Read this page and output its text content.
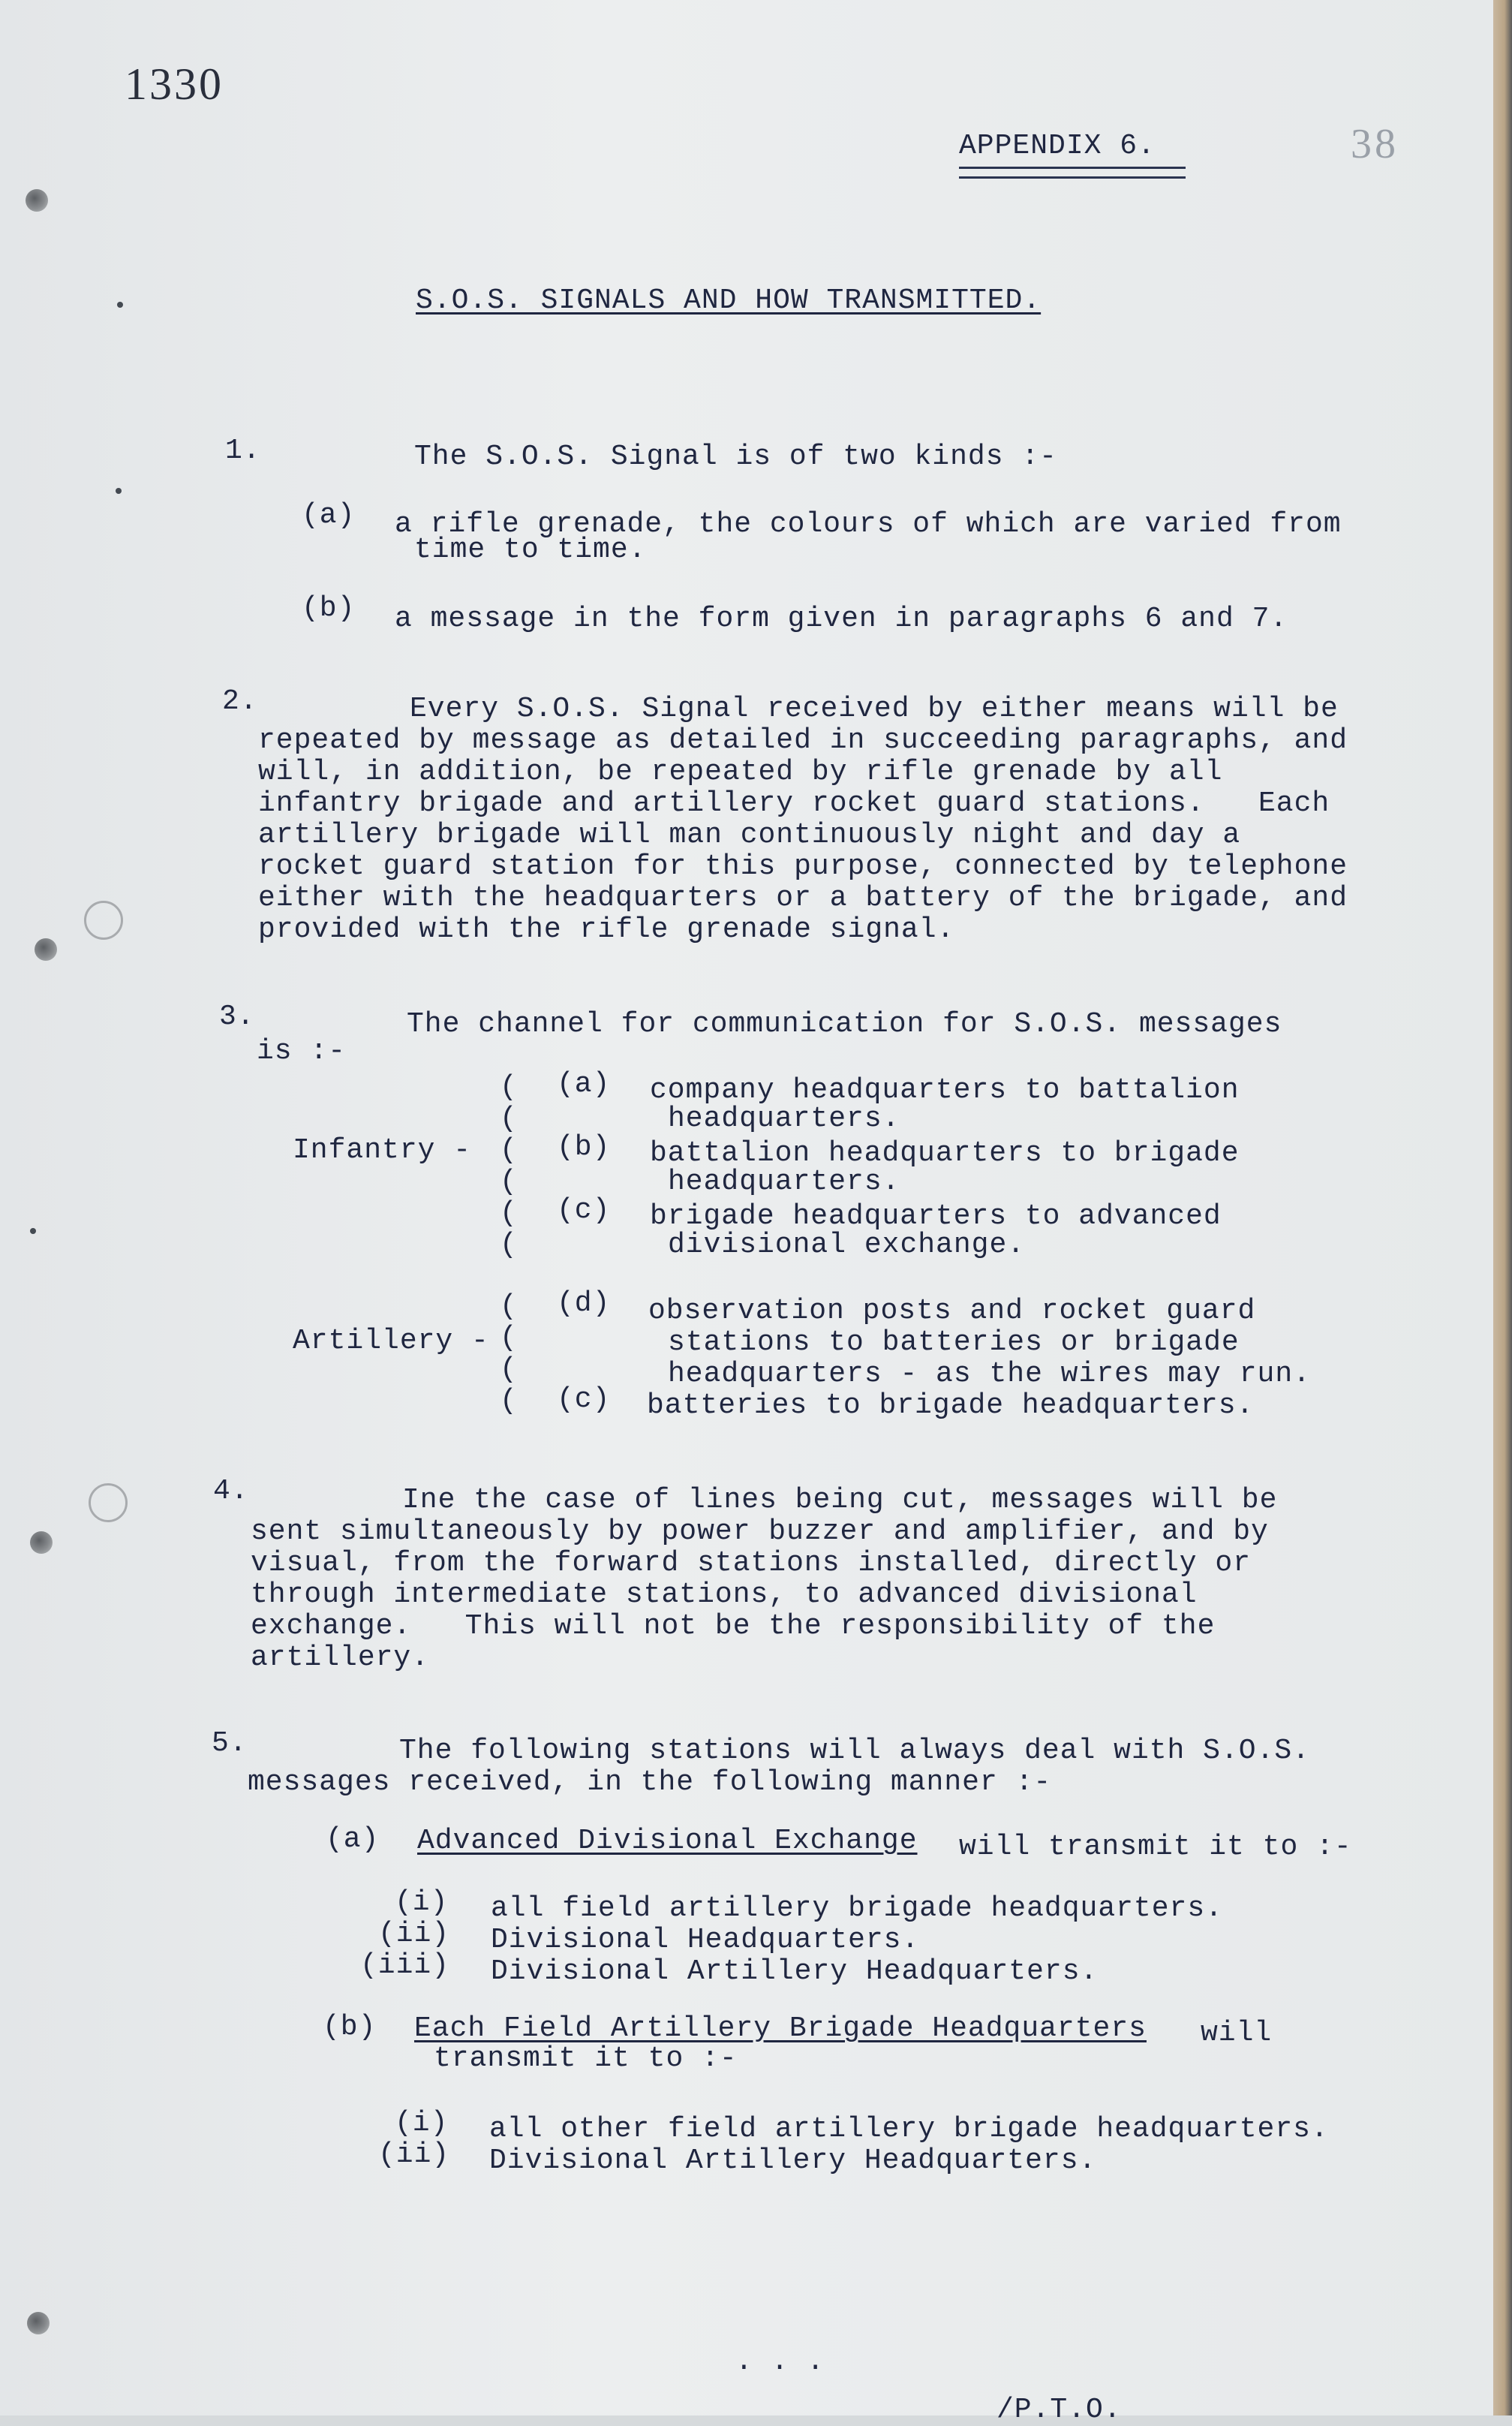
1330
38
APPENDIX 6.
S.O.S. SIGNALS AND HOW TRANSMITTED.
1.	The S.O.S. Signal is of two kinds :-
(a) a rifle grenade, the colours of which are varied from
time to time.
(b) a message in the form given in paragraphs 6 and 7.
2.	Every S.O.S. Signal received by either means will be
repeated by message as detailed in succeeding paragraphs, and
will, in addition, be repeated by rifle grenade by all
infantry brigade and artillery rocket guard stations.   Each
artillery brigade will man continuously night and day a
rocket guard station for this purpose, connected by telephone
either with the headquarters or a battery of the brigade, and
provided with the rifle grenade signal.
3.	The channel for communication for S.O.S. messages
is :-
Infantry -
(
(
(
(
(
(
(a) company headquarters to battalion
headquarters.
(b) battalion headquarters to brigade
headquarters.
(c) brigade headquarters to advanced
divisional exchange.
Artillery -
(
(
(
(
(d) observation posts and rocket guard
stations to batteries or brigade
headquarters - as the wires may run.
(c) batteries to brigade headquarters.
4.	Ine the case of lines being cut, messages will be
sent simultaneously by power buzzer and amplifier, and by
visual, from the forward stations installed, directly or
through intermediate stations, to advanced divisional
exchange.   This will not be the responsibility of the
artillery.
5.	The following stations will always deal with S.O.S.
messages received, in the following manner :-
(a) Advanced Divisional Exchange will transmit it to :-
(i) all field artillery brigade headquarters.
(ii) Divisional Headquarters.
(iii) Divisional Artillery Headquarters.
(b) Each Field Artillery Brigade Headquarters will
transmit it to :-
(i) all other field artillery brigade headquarters.
(ii) Divisional Artillery Headquarters.
. . .
/P.T.O.
